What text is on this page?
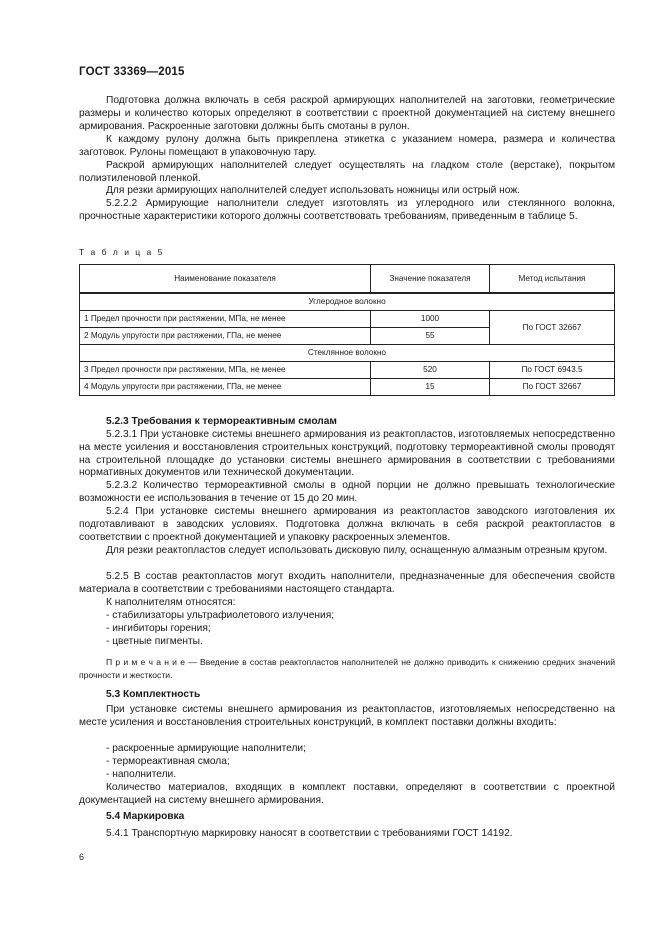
ГОСТ 33369—2015

Подготовка должна включать в себя раскрой армирующих наполнителей на заготовки, геометрические размеры и количество которых определяют в соответствии с проектной документацией на систему внешнего армирования. Раскроенные заготовки должны быть смотаны в рулон.

К каждому рулону должна быть прикреплена этикетка с указанием номера, размера и количества заготовок. Рулоны помещают в упаковочную тару.

Раскрой армирующих наполнителей следует осуществлять на гладком столе (верстаке), покрытом полиэтиленовой пленкой.

Для резки армирующих наполнителей следует использовать ножницы или острый нож.

5.2.2.2 Армирующие наполнители следует изготовлять из углеродного или стеклянного волокна, прочностные характеристики которого должны соответствовать требованиям, приведенным в таблице 5.

Т а б л и ц а 5
Наименование показателя	Значение показателя	Метод испытания
Углеродное волокно		
1 Предел прочности при растяжении, МПа, не менее	1000	По ГОСТ 32667
2 Модуль упругости при растяжении, ГПа, не менее	55	
Стеклянное волокно		
3 Предел прочности при растяжении, МПа, не менее	520	По ГОСТ 6943.5
4 Модуль упругости при растяжении, ГПа, не менее	15	По ГОСТ 32667

5.2.3 Требования к термореактивным смолам

5.2.3.1 При установке системы внешнего армирования из реактопластов, изготовляемых непосредственно на месте усиления и восстановления строительных конструкций, подготовку термореактивной смолы проводят на строительной площадке до установки системы внешнего армирования в соответствии с требованиями нормативных документов или технической документации.

5.2.3.2 Количество термореактивной смолы в одной порции не должно превышать технологические возможности ее использования в течение от 15 до 20 мин.

5.2.4 При установке системы внешнего армирования из реактопластов заводского изготовления их подготавливают в заводских условиях. Подготовка должна включать в себя раскрой реактопластов в соответствии с проектной документацией и упаковку раскроенных элементов.

Для резки реактопластов следует использовать дисковую пилу, оснащенную алмазным отрезным кругом.

5.2.5 В состав реактопластов могут входить наполнители, предназначенные для обеспечения свойств материала в соответствии с требованиями настоящего стандарта.

К наполнителям относятся:

- стабилизаторы ультрафиолетового излучения;
- ингибиторы горения;
- цветные пигменты.

П р и м е ч а н и е — Введение в состав реактопластов наполнителей не должно приводить к снижению средних значений прочности и жесткости.

5.3 Комплектность

При установке системы внешнего армирования из реактопластов, изготовляемых непосредственно на месте усиления и восстановления строительных конструкций, в комплект поставки должны входить:

- раскроенные армирующие наполнители;
- термореактивная смола;
- наполнители.

Количество материалов, входящих в комплект поставки, определяют в соответствии с проектной документацией на систему внешнего армирования.

5.4 Маркировка

5.4.1 Транспортную маркировку наносят в соответствии с требованиями ГОСТ 14192.

6
